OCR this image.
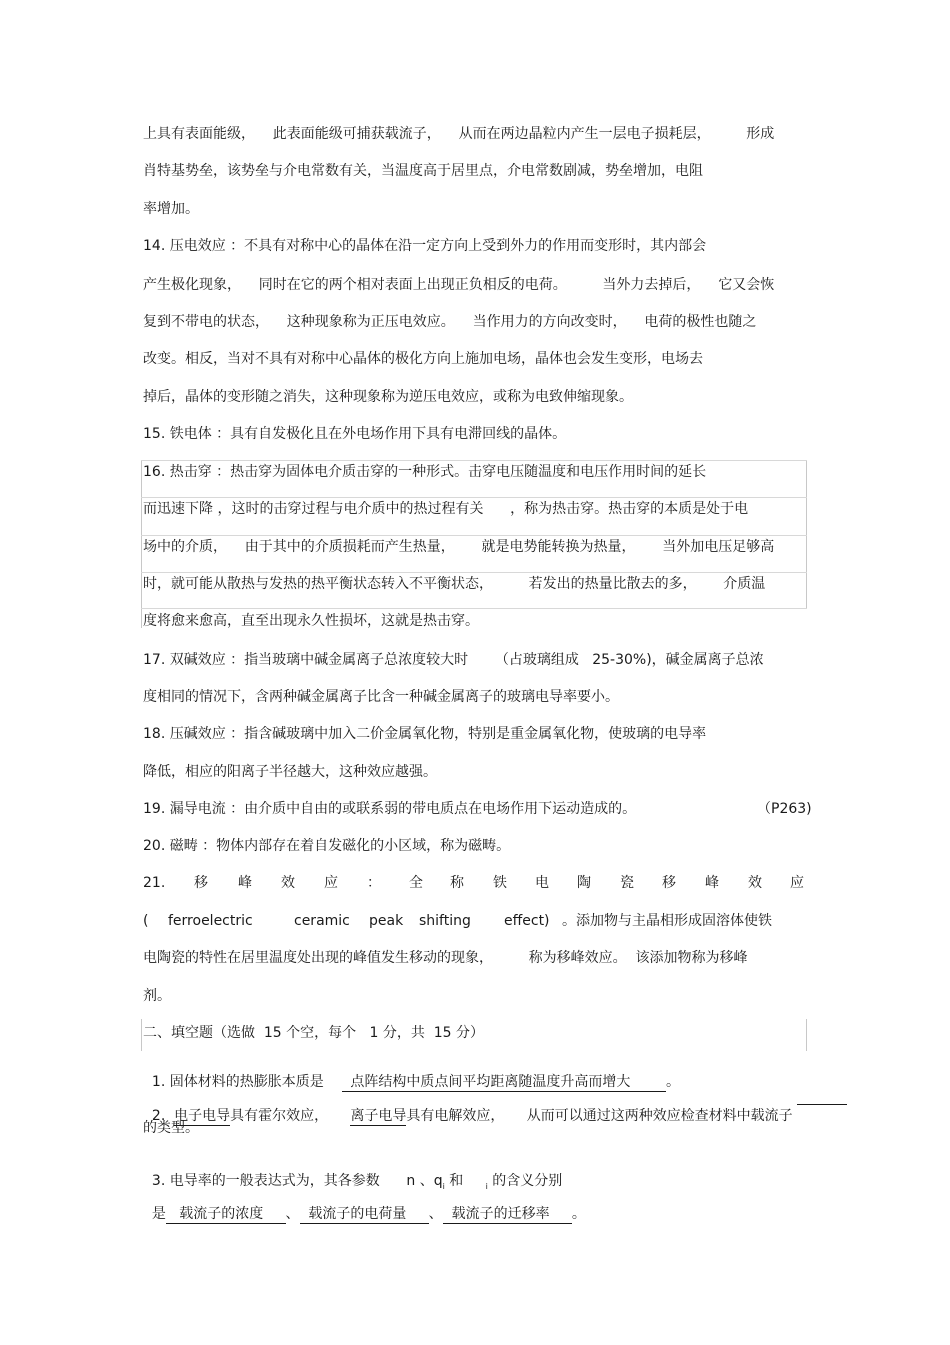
上具有表面能级，    此表面能级可捕获载流子，    从而在两边晶粒内产生一层电子损耗层，        形成
肖特基势垒，该势垒与介电常数有关，当温度高于居里点，介电常数剧减，势垒增加，电阻
率增加。
14. 压电效应 ：不具有对称中心的晶体在沿一定方向上受到外力的作用而变形时，其内部会
产生极化现象，    同时在它的两个相对表面上出现正负相反的电荷。        当外力去掉后，    它又会恢
复到不带电的状态，    这种现象称为正压电效应。    当作用力的方向改变时，    电荷的极性也随之
改变。相反，当对不具有对称中心晶体的极化方向上施加电场，晶体也会发生变形，电场去
掉后，晶体的变形随之消失，这种现象称为逆压电效应，或称为电致伸缩现象。
15. 铁电体 ：具有自发极化且在外电场作用下具有电滞回线的晶体。
16. 热击穿 ：热击穿为固体电介质击穿的一种形式。击穿电压随温度和电压作用时间的延长
而迅速下降 ，这时的击穿过程与电介质中的热过程有关      ，称为热击穿。热击穿的本质是处于电
场中的介质，    由于其中的介质损耗而产生热量，      就是电势能转换为热量，      当外加电压足够高
时，就可能从散热与发热的热平衡状态转入不平衡状态，        若发出的热量比散去的多，      介质温
度将愈来愈高，直至出现永久性损坏，这就是热击穿。
17. 双碱效应 ：指当玻璃中碱金属离子总浓度较大时      （占玻璃组成   25-30%)，碱金属离子总浓
度相同的情况下，含两种碱金属离子比含一种碱金属离子的玻璃电导率要小。
18. 压碱效应 ：指含碱玻璃中加入二价金属氧化物，特别是重金属氧化物，使玻璃的电导率
降低，相应的阳离子半径越大，这种效应越强。
19. 漏导电流 ：由介质中自由的或联系弱的带电质点在电场作用下运动造成的。	（P263)
20. 磁畴 ：物体内部存在着自发磁化的小区域，称为磁畴。
21. 移 峰 效 应 ： 全 称 铁 电 陶 瓷 移 峰 效 应
( ferroelectric	ceramic peak shifting effect) 。添加物与主晶相形成固溶体使铁
电陶瓷的特性在居里温度处出现的峰值发生移动的现象，        称为移峰效应。  该添加物称为移峰
剂。
二、填空题（选做  15 个空，每个   1 分，共  15 分）

1. 固体材料的热膨胀本质是      点阵结构中质点间平均距离随温度升高而增大        。

2.  电子电导具有霍尔效应，     离子电导具有电解效应，     从而可以通过这两种效应检查材料中载流子

的类型。

3. 电导率的一般表达式为，其各参数      n 、$q_i$ 和     $_i$ 的含义分别

是   载流子的浓度     、  载流子的电荷量     、  载流子的迁移率     。
